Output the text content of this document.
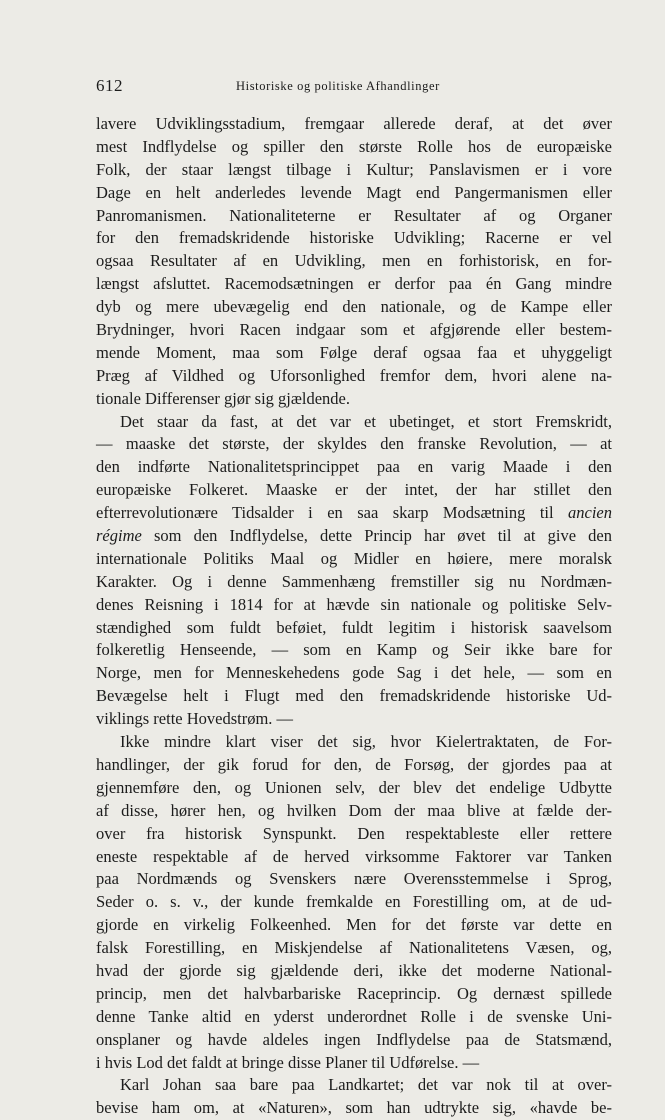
612	Historiske og politiske Afhandlinger
lavere Udviklingsstadium, fremgaar allerede deraf, at det øver
mest Indflydelse og spiller den største Rolle hos de europæiske
Folk, der staar længst tilbage i Kultur; Panslavismen er i vore
Dage en helt anderledes levende Magt end Pangermanismen eller
Panromanismen. Nationaliteterne er Resultater af og Organer
for den fremadskridende historiske Udvikling; Racerne er vel
ogsaa Resultater af en Udvikling, men en forhistorisk, en for-
længst afsluttet. Racemodsætningen er derfor paa én Gang mindre
dyb og mere ubevægelig end den nationale, og de Kampe eller
Brydninger, hvori Racen indgaar som et afgjørende eller bestem-
mende Moment, maa som Følge deraf ogsaa faa et uhyggeligt
Præg af Vildhed og Uforsonlighed fremfor dem, hvori alene na-
tionale Differenser gjør sig gjældende.
Det staar da fast, at det var et ubetinget, et stort Fremskridt,
— maaske det største, der skyldes den franske Revolution, — at
den indførte Nationalitetsprincippet paa en varig Maade i den
europæiske Folkeret. Maaske er der intet, der har stillet den
efterrevolutionære Tidsalder i en saa skarp Modsætning til ancien
régime som den Indflydelse, dette Princip har øvet til at give den
internationale Politiks Maal og Midler en høiere, mere moralsk
Karakter. Og i denne Sammenhæng fremstiller sig nu Nordmæn-
denes Reisning i 1814 for at hævde sin nationale og politiske Selv-
stændighed som fuldt beføiet, fuldt legitim i historisk saavelsom
folkeretlig Henseende, — som en Kamp og Seir ikke bare for
Norge, men for Menneskehedens gode Sag i det hele, — som en
Bevægelse helt i Flugt med den fremadskridende historiske Ud-
viklings rette Hovedstrøm. —
Ikke mindre klart viser det sig, hvor Kielertraktaten, de For-
handlinger, der gik forud for den, de Forsøg, der gjordes paa at
gjennemføre den, og Unionen selv, der blev det endelige Udbytte
af disse, hører hen, og hvilken Dom der maa blive at fælde der-
over fra historisk Synspunkt. Den respektableste eller rettere
eneste respektable af de herved virksomme Faktorer var Tanken
paa Nordmænds og Svenskers nære Overensstemmelse i Sprog,
Seder o. s. v., der kunde fremkalde en Forestilling om, at de ud-
gjorde en virkelig Folkeenhed. Men for det første var dette en
falsk Forestilling, en Miskjendelse af Nationalitetens Væsen, og,
hvad der gjorde sig gjældende deri, ikke det moderne National-
princip, men det halvbarbariske Raceprincip. Og dernæst spillede
denne Tanke altid en yderst underordnet Rolle i de svenske Uni-
onsplaner og havde aldeles ingen Indflydelse paa de Statsmænd,
i hvis Lod det faldt at bringe disse Planer til Udførelse. —
Karl Johan saa bare paa Landkartet; det var nok til at over-
bevise ham om, at «Naturen», som han udtrykte sig, «havde be-
